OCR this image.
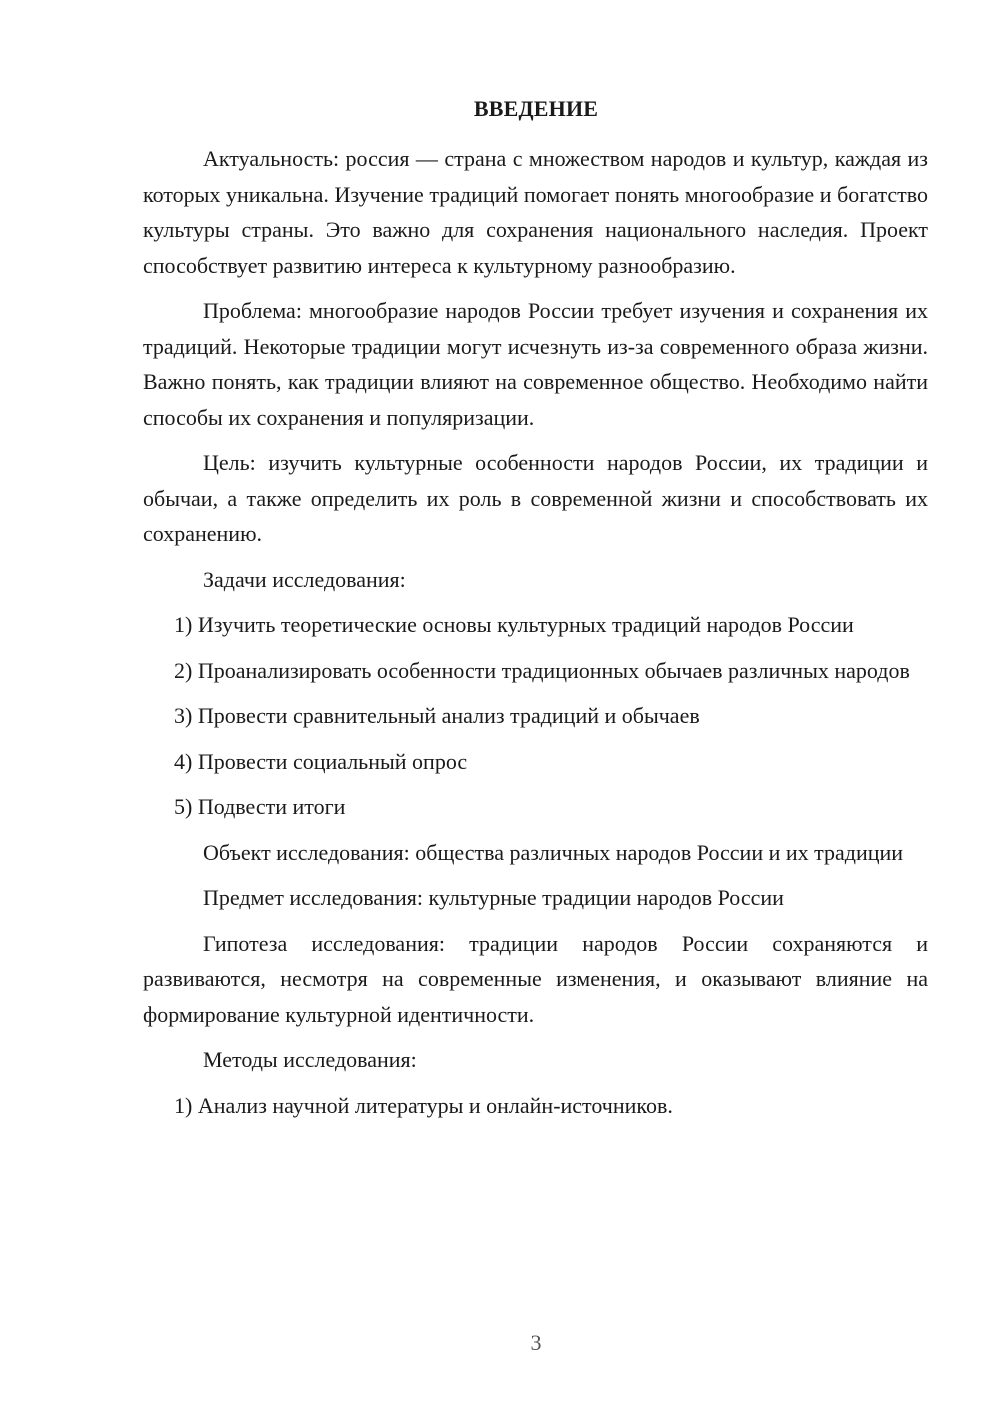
ВВЕДЕНИЕ

Актуальность: россия — страна с множеством народов и культур, каждая из которых уникальна. Изучение традиций помогает понять многообразие и богатство культуры страны. Это важно для сохранения национального наследия. Проект способствует развитию интереса к культурному разнообразию.

Проблема: многообразие народов России требует изучения и сохранения их традиций. Некоторые традиции могут исчезнуть из-за современного образа жизни. Важно понять, как традиции влияют на современное общество. Необходимо найти способы их сохранения и популяризации.

Цель: изучить культурные особенности народов России, их традиции и обычаи, а также определить их роль в современной жизни и способствовать их сохранению.

Задачи исследования:

1) Изучить теоретические основы культурных традиций народов России

2) Проанализировать особенности традиционных обычаев различных народов

3) Провести сравнительный анализ традиций и обычаев

4) Провести социальный опрос

5) Подвести итоги

Объект исследования: общества различных народов России и их традиции

Предмет исследования: культурные традиции народов России

Гипотеза исследования: традиции народов России сохраняются и развиваются, несмотря на современные изменения, и оказывают влияние на формирование культурной идентичности.

Методы исследования:

1) Анализ научной литературы и онлайн-источников.

3
